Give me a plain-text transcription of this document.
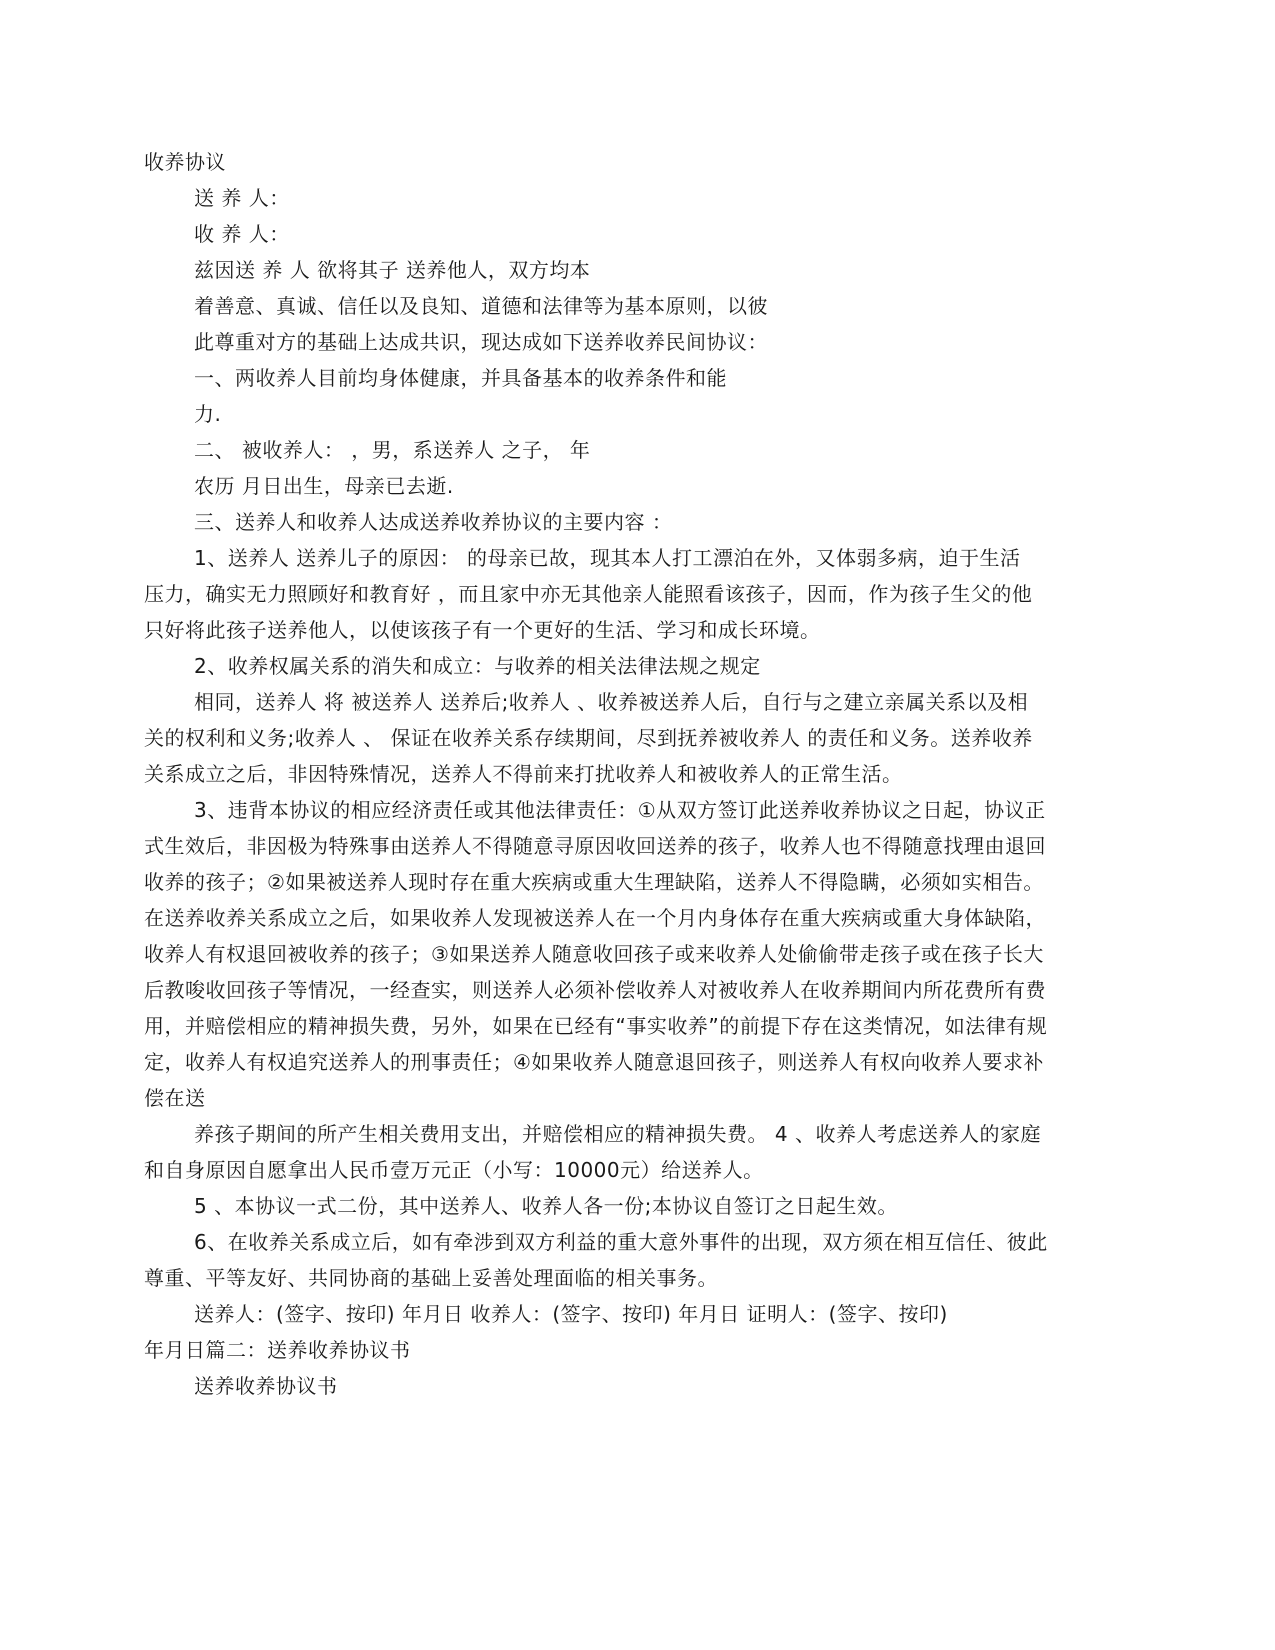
收养协议
送 养 人：
收 养 人：
兹因送 养 人 欲将其子 送养他人，双方均本
着善意、真诚、信任以及良知、道德和法律等为基本原则，以彼
此尊重对方的基础上达成共识，现达成如下送养收养民间协议：
一、两收养人目前均身体健康，并具备基本的收养条件和能
力.
二、 被收养人： ，男，系送养人 之子， 年
农历 月日出生，母亲已去逝.
三、送养人和收养人达成送养收养协议的主要内容 ：
1、送养人 送养儿子的原因： 的母亲已故，现其本人打工漂泊在外，又体弱多病，迫于生活
压力，确实无力照顾好和教育好 ，而且家中亦无其他亲人能照看该孩子，因而，作为孩子生父的他
只好将此孩子送养他人，以使该孩子有一个更好的生活、学习和成长环境。
2、收养权属关系的消失和成立：与收养的相关法律法规之规定
相同，送养人 将 被送养人 送养后;收养人 、收养被送养人后，自行与之建立亲属关系以及相
关的权利和义务;收养人 、 保证在收养关系存续期间，尽到抚养被收养人 的责任和义务。送养收养
关系成立之后，非因特殊情况，送养人不得前来打扰收养人和被收养人的正常生活。
3、违背本协议的相应经济责任或其他法律责任：①从双方签订此送养收养协议之日起，协议正
式生效后，非因极为特殊事由送养人不得随意寻原因收回送养的孩子，收养人也不得随意找理由退回
收养的孩子；②如果被送养人现时存在重大疾病或重大生理缺陷，送养人不得隐瞒，必须如实相告。
在送养收养关系成立之后，如果收养人发现被送养人在一个月内身体存在重大疾病或重大身体缺陷，
收养人有权退回被收养的孩子；③如果送养人随意收回孩子或来收养人处偷偷带走孩子或在孩子长大
后教唆收回孩子等情况，一经查实，则送养人必须补偿收养人对被收养人在收养期间内所花费所有费
用，并赔偿相应的精神损失费，另外，如果在已经有“事实收养”的前提下存在这类情况，如法律有规
定，收养人有权追究送养人的刑事责任；④如果收养人随意退回孩子，则送养人有权向收养人要求补
偿在送
养孩子期间的所产生相关费用支出，并赔偿相应的精神损失费。 4 、收养人考虑送养人的家庭
和自身原因自愿拿出人民币壹万元正（小写：10000元）给送养人。
5 、本协议一式二份，其中送养人、收养人各一份;本协议自签订之日起生效。
6、在收养关系成立后，如有牵涉到双方利益的重大意外事件的出现，双方须在相互信任、彼此
尊重、平等友好、共同协商的基础上妥善处理面临的相关事务。
送养人：(签字、按印) 年月日 收养人：(签字、按印) 年月日 证明人：(签字、按印)
年月日篇二：送养收养协议书
送养收养协议书
